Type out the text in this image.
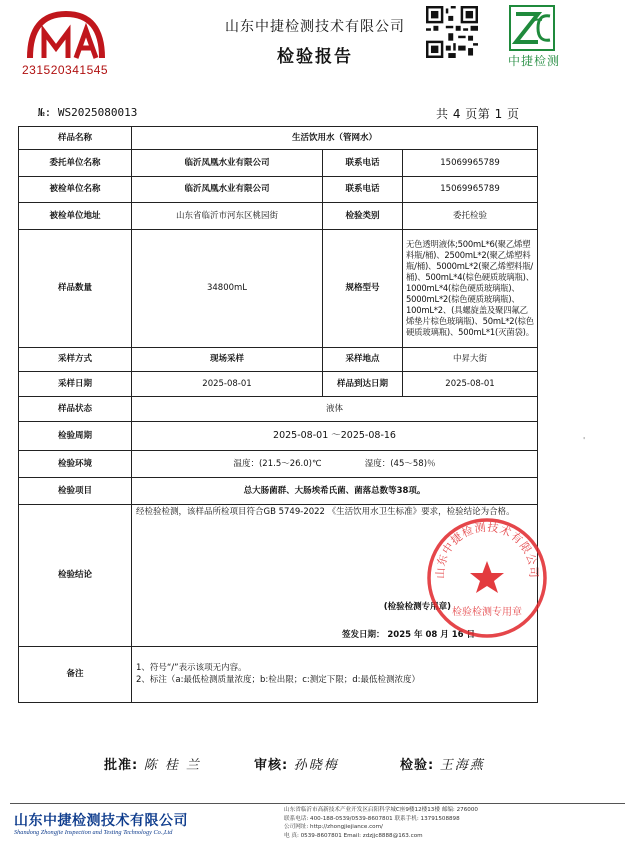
231520341545
山东中捷检测技术有限公司
检验报告	中捷检测
№: WS2025080013	共 4 页第 1 页
样品名称	生活饮用水（管网水）		
委托单位名称	临沂凤凰水业有限公司	联系电话	15069965789
被检单位名称	临沂凤凰水业有限公司	联系电话	15069965789
被检单位地址	山东省临沂市河东区桃园街	检验类别	委托检验
样品数量	34800mL	规格型号	无色透明液体;500mL*6(聚乙烯塑料瓶/桶)、2500mL*2(聚乙烯塑料瓶/桶)、5000mL*2(聚乙烯塑料瓶/桶)、500mL*4(棕色硬质玻璃瓶)、1000mL*4(棕色硬质玻璃瓶)、5000mL*2(棕色硬质玻璃瓶)、100mL*2、(具螺旋盖及聚四氟乙烯垫片棕色玻璃瓶)、50mL*2(棕色硬质玻璃瓶)、500mL*1(灭菌袋)。
采样方式	现场采样	采样地点	中昇大街
采样日期	2025-08-01	样品到达日期	2025-08-01
样品状态	液体		
检验周期	2025-08-01 ～2025-08-16		
检验环境	温度：(21.5～26.0)℃                湿度：(45～58)％		
检验项目	总大肠菌群、大肠埃希氏菌、菌落总数等38项。		
检验结论	经检验检测，该样品所检项目符合GB 5749-2022 《生活饮用水卫生标准》要求，检验结论为合格。
(检验检测专用章)
签发日期： 2025 年 08 月 16 日		

备注	1、符号“/”表示该项无内容。
2、标注（a:最低检测质量浓度；b:检出限；c:测定下限；d:最低检测浓度）		
山东中捷检测技术有限公司
检验检测专用章
'
批准: 陈 桂 兰	审核: 孙晓梅	检验: 王海燕
山东中捷检测技术有限公司
Shandong Zhongjie Inspection and Testing Technology Co.,Ltd
山东省临沂市高新技术产业开发区启阳科学城C座9楼12楼13楼 邮编: 276000
联系电话: 400-188-0539/0539-8607801 联系手机: 13791508898
公司网址: http://zhongjiejiance.com/
电 真: 0539-8607801 Email: zdzjjc8888@163.com
